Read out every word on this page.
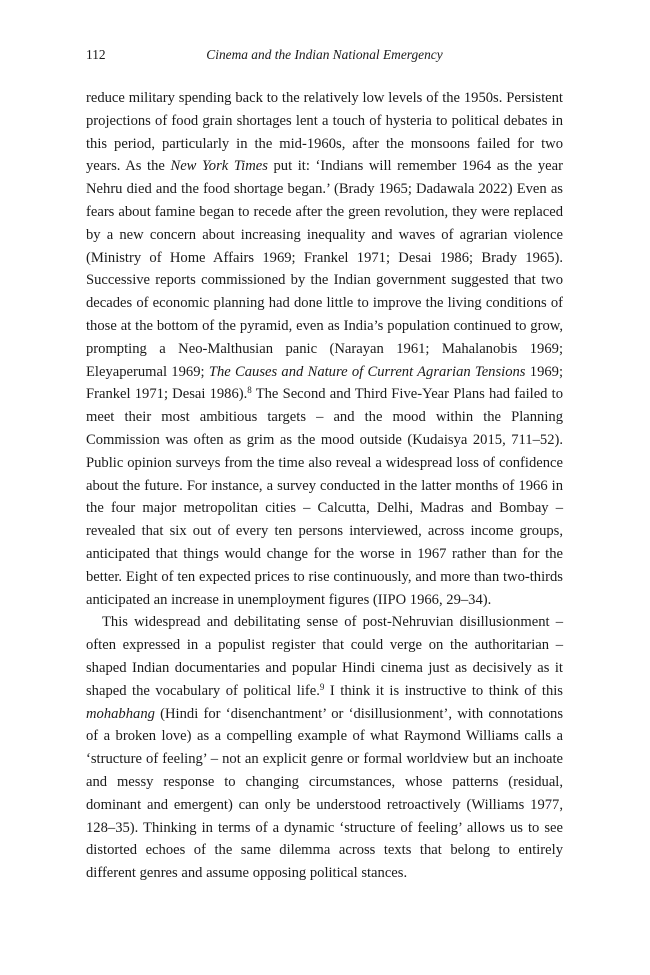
112	Cinema and the Indian National Emergency

reduce military spending back to the relatively low levels of the 1950s. Persistent projections of food grain shortages lent a touch of hysteria to political debates in this period, particularly in the mid-1960s, after the monsoons failed for two years. As the New York Times put it: ‘Indians will remember 1964 as the year Nehru died and the food shortage began.’ (Brady 1965; Dadawala 2022) Even as fears about famine began to recede after the green revolution, they were replaced by a new concern about increasing inequality and waves of agrarian violence (Ministry of Home Affairs 1969; Frankel 1971; Desai 1986; Brady 1965). Successive reports commissioned by the Indian government suggested that two decades of economic planning had done little to improve the living conditions of those at the bottom of the pyramid, even as India’s population continued to grow, prompting a Neo-Malthusian panic (Narayan 1961; Mahalanobis 1969; Eleyaperumal 1969; The Causes and Nature of Current Agrarian Tensions 1969; Frankel 1971; Desai 1986).$^8$ The Second and Third Five-Year Plans had failed to meet their most ambitious targets – and the mood within the Planning Commission was often as grim as the mood outside (Kudaisya 2015, 711–52). Public opinion surveys from the time also reveal a widespread loss of confidence about the future. For instance, a survey conducted in the latter months of 1966 in the four major metropolitan cities – Calcutta, Delhi, Madras and Bombay – revealed that six out of every ten persons interviewed, across income groups, anticipated that things would change for the worse in 1967 rather than for the better. Eight of ten expected prices to rise continuously, and more than two-thirds anticipated an increase in unemployment figures (IIPO 1966, 29–34).

This widespread and debilitating sense of post-Nehruvian disillusionment – often expressed in a populist register that could verge on the authoritarian – shaped Indian documentaries and popular Hindi cinema just as decisively as it shaped the vocabulary of political life.$^9$ I think it is instructive to think of this mohabhang (Hindi for ‘disenchantment’ or ‘disillusionment’, with connotations of a broken love) as a compelling example of what Raymond Williams calls a ‘structure of feeling’ – not an explicit genre or formal worldview but an inchoate and messy response to changing circumstances, whose patterns (residual, dominant and emergent) can only be understood retroactively (Williams 1977, 128–35). Thinking in terms of a dynamic ‘structure of feeling’ allows us to see distorted echoes of the same dilemma across texts that belong to entirely different genres and assume opposing political stances.
